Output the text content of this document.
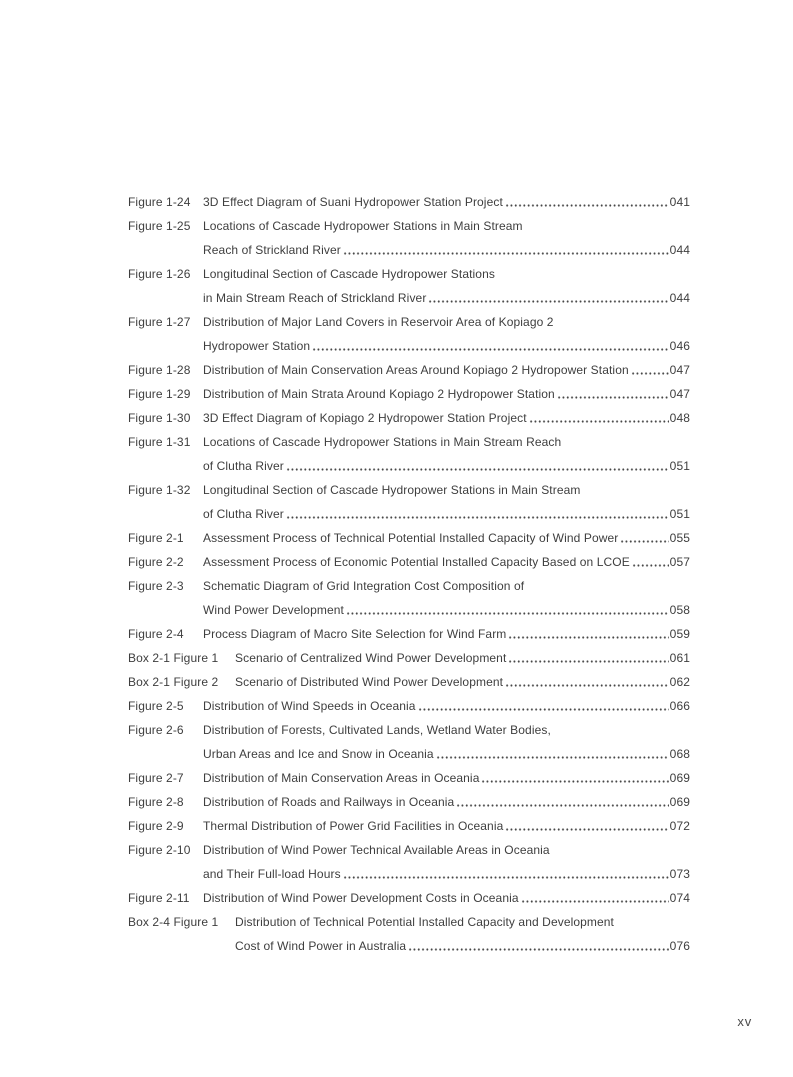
Figure 1-24	3D Effect Diagram of Suani Hydropower Station Project	041
Figure 1-25	Locations of Cascade Hydropower Stations in Main Stream
Reach of Strickland River	044
Figure 1-26	Longitudinal Section of Cascade Hydropower Stations
in Main Stream Reach of Strickland River	044
Figure 1-27	Distribution of Major Land Covers in Reservoir Area of Kopiago 2
Hydropower Station	046
Figure 1-28	Distribution of Main Conservation Areas Around Kopiago 2 Hydropower Station	047
Figure 1-29	Distribution of Main Strata Around Kopiago 2 Hydropower Station	047
Figure 1-30	3D Effect Diagram of Kopiago 2 Hydropower Station Project	048
Figure 1-31	Locations of Cascade Hydropower Stations in Main Stream Reach
of Clutha River	051
Figure 1-32	Longitudinal Section of Cascade Hydropower Stations in Main Stream
of Clutha River	051
Figure 2-1	Assessment Process of Technical Potential Installed Capacity of Wind Power	055
Figure 2-2	Assessment Process of Economic Potential Installed Capacity Based on LCOE	057
Figure 2-3	Schematic Diagram of Grid Integration Cost Composition of
Wind Power Development	058
Figure 2-4	Process Diagram of Macro Site Selection for Wind Farm	059
Box 2-1 Figure 1	Scenario of Centralized Wind Power Development	061
Box 2-1 Figure 2	Scenario of Distributed Wind Power Development	062
Figure 2-5	Distribution of Wind Speeds in Oceania	066
Figure 2-6	Distribution of Forests, Cultivated Lands, Wetland Water Bodies,
Urban Areas and Ice and Snow in Oceania	068
Figure 2-7	Distribution of Main Conservation Areas in Oceania	069
Figure 2-8	Distribution of Roads and Railways in Oceania	069
Figure 2-9	Thermal Distribution of Power Grid Facilities in Oceania	072
Figure 2-10	Distribution of Wind Power Technical Available Areas in Oceania
and Their Full-load Hours	073
Figure 2-11	Distribution of Wind Power Development Costs in Oceania	074
Box 2-4 Figure 1	Distribution of Technical Potential Installed Capacity and Development
Cost of Wind Power in Australia	076
xv
